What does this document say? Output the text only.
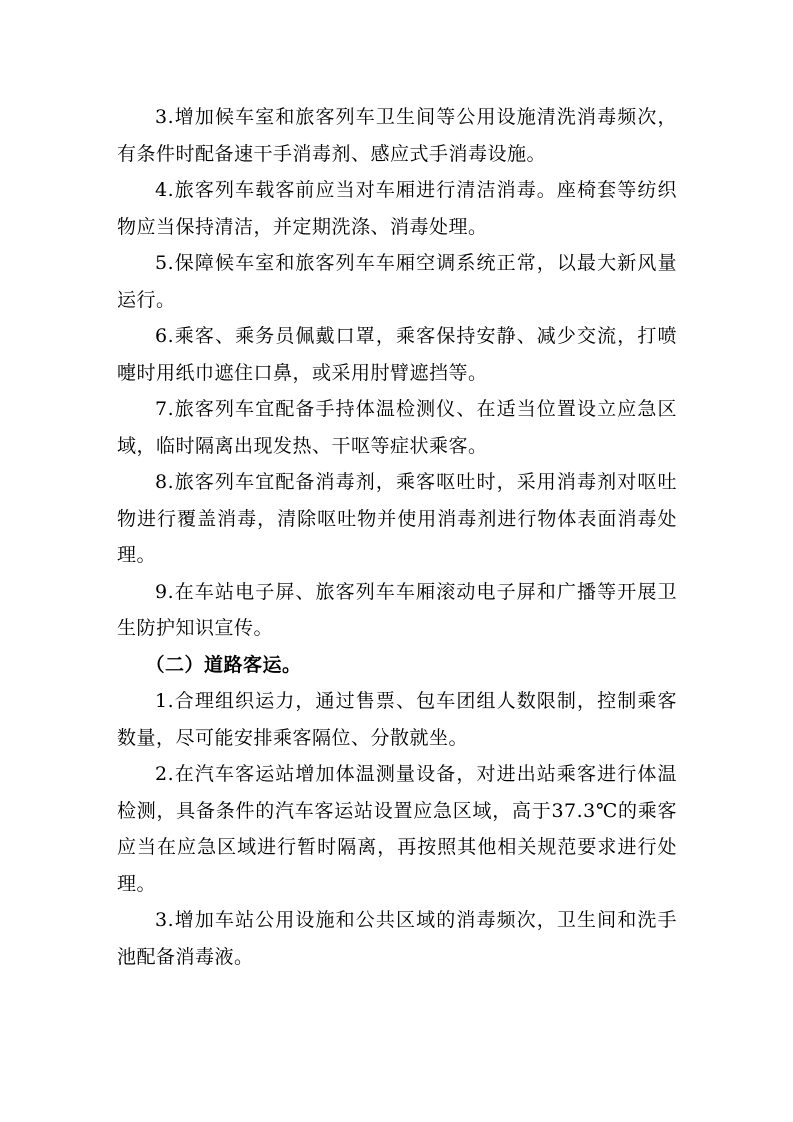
3.增加候车室和旅客列车卫生间等公用设施清洗消毒频次，有条件时配备速干手消毒剂、感应式手消毒设施。

4.旅客列车载客前应当对车厢进行清洁消毒。座椅套等纺织物应当保持清洁，并定期洗涤、消毒处理。

5.保障候车室和旅客列车车厢空调系统正常，以最大新风量运行。

6.乘客、乘务员佩戴口罩，乘客保持安静、减少交流，打喷嚏时用纸巾遮住口鼻，或采用肘臂遮挡等。

7.旅客列车宜配备手持体温检测仪、在适当位置设立应急区域，临时隔离出现发热、干呕等症状乘客。

8.旅客列车宜配备消毒剂，乘客呕吐时，采用消毒剂对呕吐物进行覆盖消毒，清除呕吐物并使用消毒剂进行物体表面消毒处理。

9.在车站电子屏、旅客列车车厢滚动电子屏和广播等开展卫生防护知识宣传。

（二）道路客运。

1.合理组织运力，通过售票、包车团组人数限制，控制乘客数量，尽可能安排乘客隔位、分散就坐。

2.在汽车客运站增加体温测量设备，对进出站乘客进行体温检测，具备条件的汽车客运站设置应急区域，高于37.3℃的乘客应当在应急区域进行暂时隔离，再按照其他相关规范要求进行处理。

3.增加车站公用设施和公共区域的消毒频次，卫生间和洗手池配备消毒液。
